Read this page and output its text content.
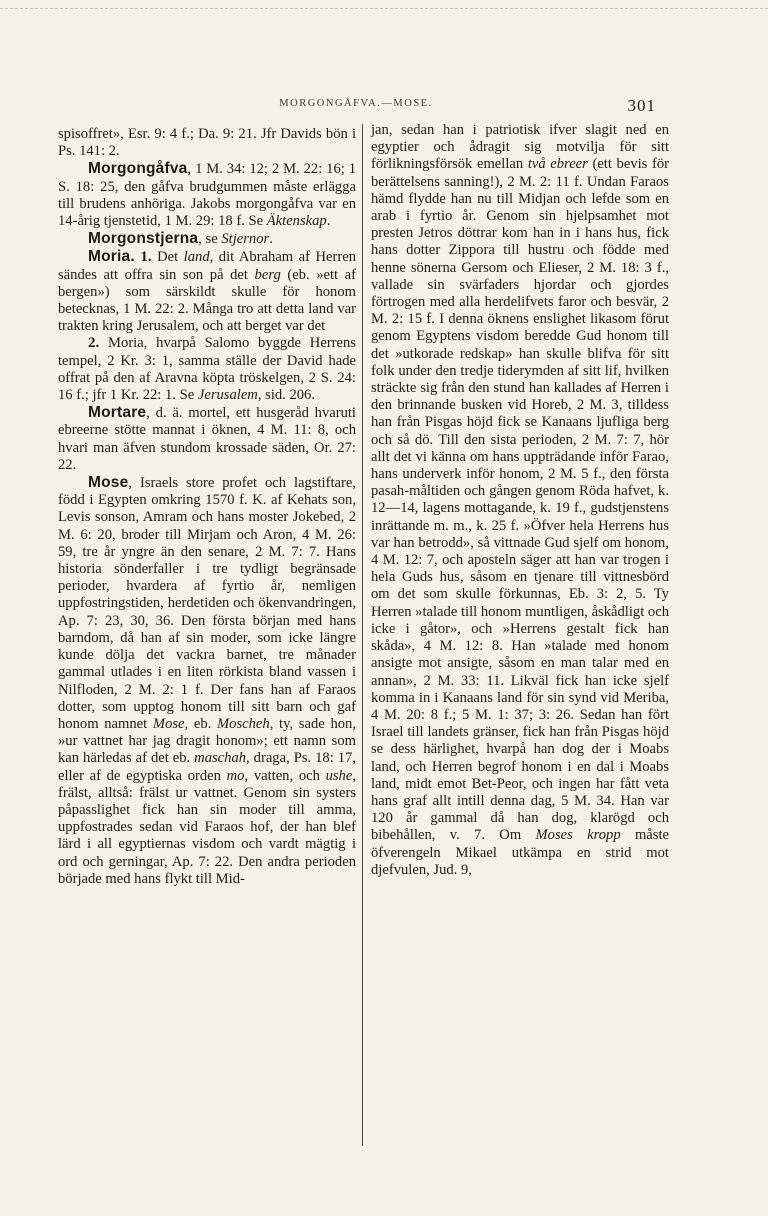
MORGONGÅFVA.—MOSE.	301

spisoffret», Esr. 9: 4 f.; Da. 9: 21. Jfr Davids bön i Ps. 141: 2.

Morgongåfva, 1 M. 34: 12; 2 M. 22: 16; 1 S. 18: 25, den gåfva brudgummen måste erlägga till brudens anhöriga. Jakobs morgongåfva var en 14-årig tjenstetid, 1 M. 29: 18 f. Se Äktenskap.

Morgonstjerna, se Stjernor.

Moria. 1. Det land, dit Abraham af Herren sändes att offra sin son på det berg (eb. »ett af bergen») som särskildt skulle för honom betecknas, 1 M. 22: 2. Många tro att detta land var trakten kring Jerusalem, och att berget var det

2. Moria, hvarpå Salomo byggde Herrens tempel, 2 Kr. 3: 1, samma ställe der David hade offrat på den af Aravna köpta tröskelgen, 2 S. 24: 16 f.; jfr 1 Kr. 22: 1. Se Jerusalem, sid. 206.

Mortare, d. ä. mortel, ett husgeråd hvaruti ebreerne stötte mannat i öknen, 4 M. 11: 8, och hvari man äfven stundom krossade säden, Or. 27: 22.

Mose, Israels store profet och lagstiftare, född i Egypten omkring 1570 f. K. af Kehats son, Levis sonson, Amram och hans moster Jokebed, 2 M. 6: 20, broder till Mirjam och Aron, 4 M. 26: 59, tre år yngre än den senare, 2 M. 7: 7. Hans historia sönderfaller i tre tydligt begränsade perioder, hvardera af fyrtio år, nemligen uppfostringstiden, herdetiden och ökenvandringen, Ap. 7: 23, 30, 36. Den första början med hans barndom, då han af sin moder, som icke längre kunde dölja det vackra barnet, tre månader gammal utlades i en liten rörkista bland vassen i Nilfloden, 2 M. 2: 1 f. Der fans han af Faraos dotter, som upptog honom till sitt barn och gaf honom namnet Mose, eb. Moscheh, ty, sade hon, »ur vattnet har jag dragit honom»; ett namn som kan härledas af det eb. maschah, draga, Ps. 18: 17, eller af de egyptiska orden mo, vatten, och ushe, frälst, alltså: frälst ur vattnet. Genom sin systers påpasslighet fick han sin moder till amma, uppfostrades sedan vid Faraos hof, der han blef lärd i all egyptiernas visdom och vardt mägtig i ord och gerningar, Ap. 7: 22. Den andra perioden började med hans flykt till Mid-

jan, sedan han i patriotisk ifver slagit ned en egyptier och ådragit sig motvilja för sitt förlikningsförsök emellan två ebreer (ett bevis för berättelsens sanning!), 2 M. 2: 11 f. Undan Faraos hämd flydde han nu till Midjan och lefde som en arab i fyrtio år. Genom sin hjelpsamhet mot presten Jetros döttrar kom han in i hans hus, fick hans dotter Zippora till hustru och födde med henne sönerna Gersom och Elieser, 2 M. 18: 3 f., vallade sin svärfaders hjordar och gjordes förtrogen med alla herdelifvets faror och besvär, 2 M. 2: 15 f. I denna öknens enslighet likasom förut genom Egyptens visdom beredde Gud honom till det »utkorade redskap» han skulle blifva för sitt folk under den tredje tiderymden af sitt lif, hvilken sträckte sig från den stund han kallades af Herren i den brinnande busken vid Horeb, 2 M. 3, tilldess han från Pisgas höjd fick se Kanaans ljufliga berg och så dö. Till den sista perioden, 2 M. 7: 7, hör allt det vi känna om hans uppträdande inför Farao, hans underverk inför honom, 2 M. 5 f., den första pasah-måltiden och gången genom Röda hafvet, k. 12—14, lagens mottagande, k. 19 f., gudstjenstens inrättande m. m., k. 25 f. »Öfver hela Herrens hus var han betrodd», så vittnade Gud sjelf om honom, 4 M. 12: 7, och aposteln säger att han var trogen i hela Guds hus, såsom en tjenare till vittnesbörd om det som skulle förkunnas, Eb. 3: 2, 5. Ty Herren »talade till honom muntligen, åskådligt och icke i gåtor», och »Herrens gestalt fick han skåda», 4 M. 12: 8. Han »talade med honom ansigte mot ansigte, såsom en man talar med en annan», 2 M. 33: 11. Likväl fick han icke sjelf komma in i Kanaans land för sin synd vid Meriba, 4 M. 20: 8 f.; 5 M. 1: 37; 3: 26. Sedan han fört Israel till landets gränser, fick han från Pisgas höjd se dess härlighet, hvarpå han dog der i Moabs land, och Herren begrof honom i en dal i Moabs land, midt emot Bet-Peor, och ingen har fått veta hans graf allt intill denna dag, 5 M. 34. Han var 120 år gammal då han dog, klarögd och bibehållen, v. 7. Om Moses kropp måste öfverengeln Mikael utkämpa en strid mot djefvulen, Jud. 9,
